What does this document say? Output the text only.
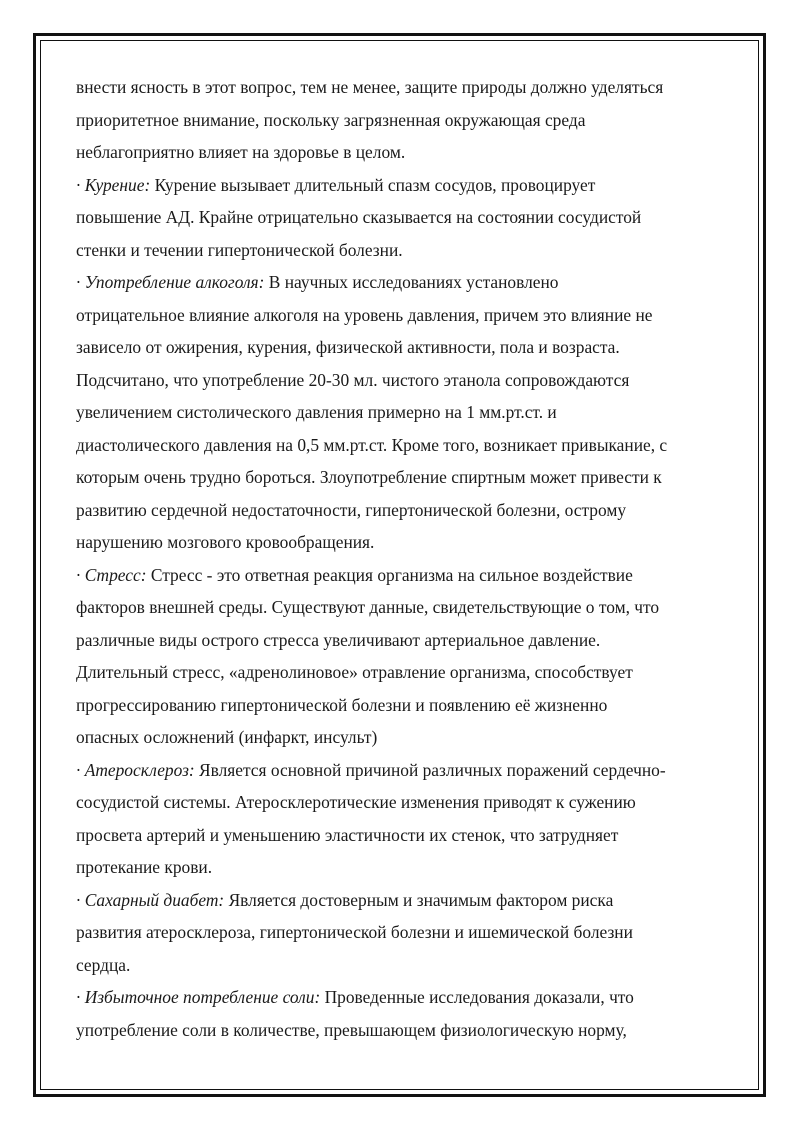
внести ясность в этот вопрос, тем не менее, защите природы должно уделяться
приоритетное внимание, поскольку загрязненная окружающая среда
неблагоприятно влияет на здоровье в целом.
· Курение: Курение вызывает длительный спазм сосудов, провоцирует
повышение АД. Крайне отрицательно сказывается на состоянии сосудистой
стенки и течении гипертонической болезни.
· Употребление алкоголя: В научных исследованиях установлено
отрицательное влияние алкоголя на уровень давления, причем это влияние не
зависело от ожирения, курения, физической активности, пола и возраста.
Подсчитано, что употребление 20-30 мл. чистого этанола сопровождаются
увеличением систолического давления примерно на 1 мм.рт.ст. и
диастолического давления на 0,5 мм.рт.ст. Кроме того, возникает привыкание, с
которым очень трудно бороться. Злоупотребление спиртным может привести к
развитию сердечной недостаточности, гипертонической болезни, острому
нарушению мозгового кровообращения.
· Стресс: Стресс - это ответная реакция организма на сильное воздействие
факторов внешней среды. Существуют данные, свидетельствующие о том, что
различные виды острого стресса увеличивают артериальное давление.
Длительный стресс, «адренолиновое» отравление организма, способствует
прогрессированию гипертонической болезни и появлению её жизненно
опасных осложнений (инфаркт, инсульт)
· Атеросклероз: Является основной причиной различных поражений сердечно-
сосудистой системы. Атеросклеротические изменения приводят к сужению
просвета артерий и уменьшению эластичности их стенок, что затрудняет
протекание крови.
· Сахарный диабет: Является достоверным и значимым фактором риска
развития атеросклероза, гипертонической болезни и ишемической болезни
сердца.
· Избыточное потребление соли: Проведенные исследования доказали, что
употребление соли в количестве, превышающем физиологическую норму,
